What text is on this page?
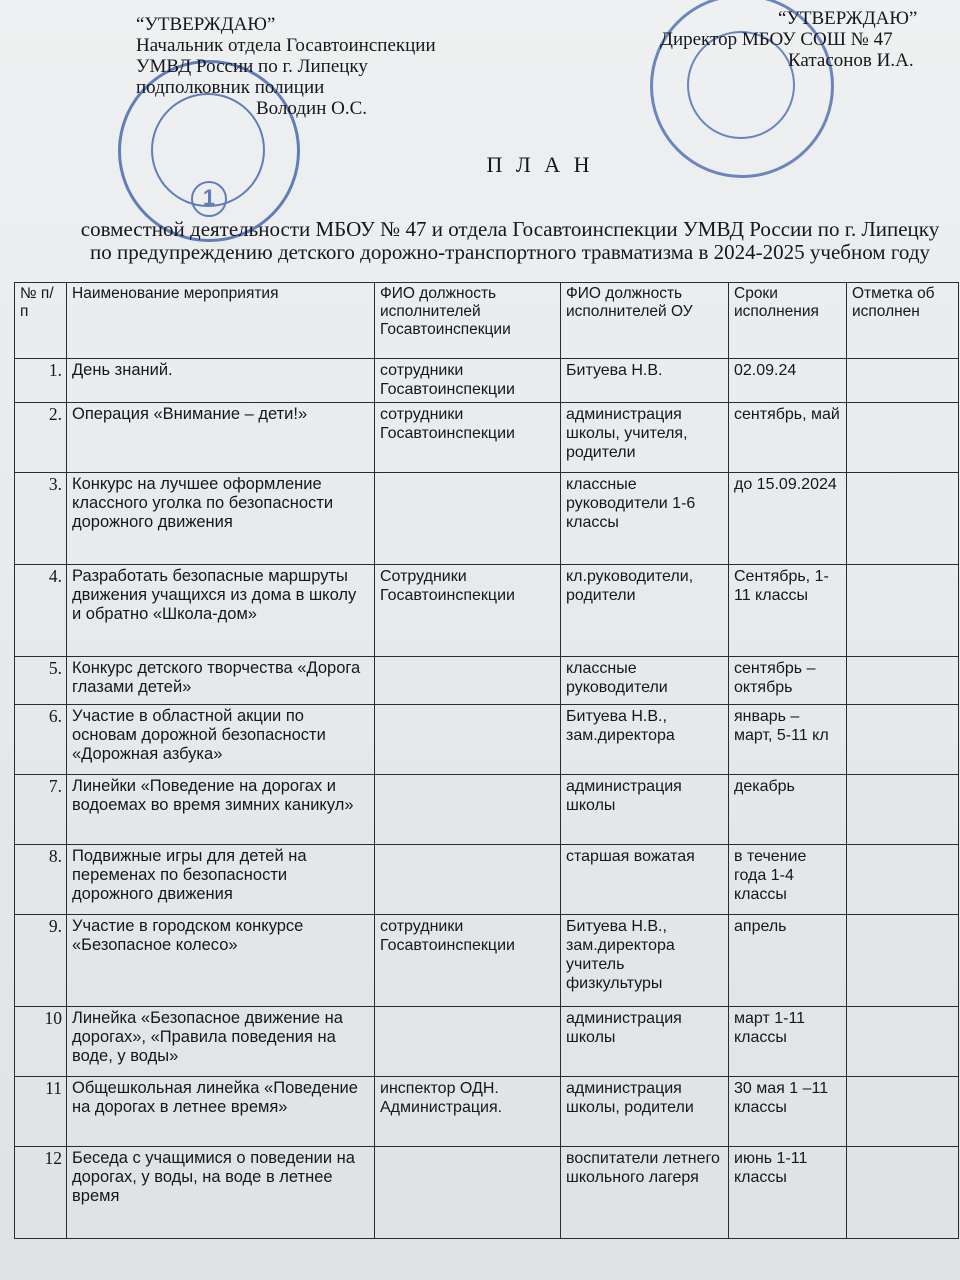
1
“УТВЕРЖДАЮ”
Начальник отдела Госавтоинспекции
УМВД России по г. Липецку
подполковник полиции
Володин О.С.
“УТВЕРЖДАЮ”
Директор МБОУ СОШ № 47
Катасонов И.А.
П Л А Н
совместной деятельности МБОУ № 47 и отдела Госавтоинспекции УМВД России по г. Липецку по предупреждению детского дорожно-транспортного травматизма в 2024-2025 учебном году
№ п/п	Наименование мероприятия	ФИО должность исполнителей Госавтоинспекции	ФИО должность исполнителей ОУ	Сроки исполнения	Отметка об исполнен
1.	День знаний.	сотрудники Госавтоинспекции	Битуева Н.В.	02.09.24	
2.	Операция «Внимание – дети!»	сотрудники Госавтоинспекции	администрация школы, учителя, родители	сентябрь, май	
3.	Конкурс на лучшее оформление классного уголка по безопасности дорожного движения		классные руководители 1-6 классы	до 15.09.2024	
4.	Разработать безопасные маршруты движения учащихся из дома в школу и обратно «Школа-дом»	Сотрудники Госавтоинспекции	кл.руководители, родители	Сентябрь, 1-11 классы	
5.	Конкурс детского творчества «Дорога глазами детей»		классные руководители	сентябрь – октябрь	
6.	Участие в областной акции по основам дорожной безопасности «Дорожная азбука»		Битуева Н.В., зам.директора	январь – март, 5-11 кл	
7.	Линейки «Поведение на дорогах и водоемах во время зимних каникул»		администрация школы	декабрь	
8.	Подвижные игры для детей на переменах по безопасности дорожного движения		старшая вожатая	в течение года 1-4 классы	
9.	Участие в городском конкурсе «Безопасное колесо»	сотрудники Госавтоинспекции	Битуева Н.В., зам.директора учитель физкультуры	апрель	
10	Линейка «Безопасное движение на дорогах», «Правила поведения на воде, у воды»		администрация школы	март 1-11 классы	
11	Общешкольная линейка «Поведение на дорогах в летнее время»	инспектор ОДН. Администрация.	администрация школы, родители	30 мая 1 –11 классы	
12	Беседа с учащимися о поведении на дорогах, у воды, на воде в летнее время		воспитатели летнего школьного лагеря	июнь 1-11 классы	
